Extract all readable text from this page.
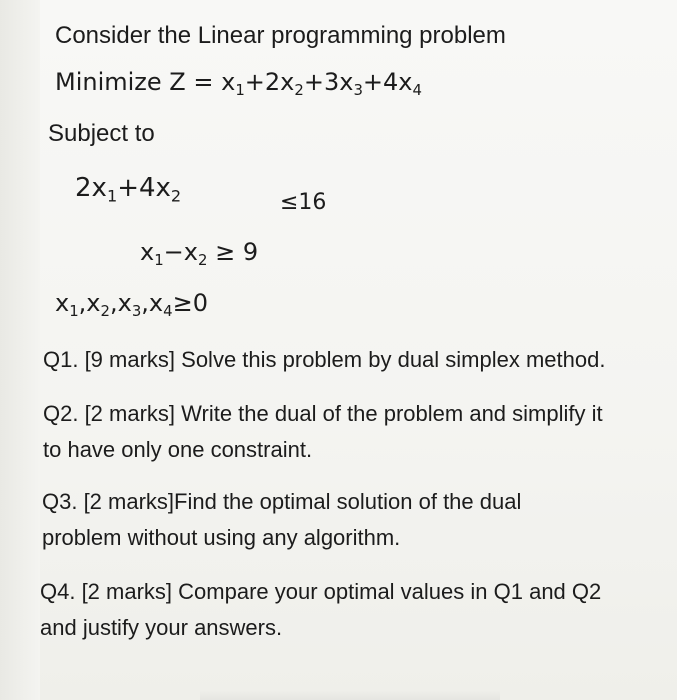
Consider the Linear programming problem
Minimize $Z = x_1+2x_2+3x_3+4x_4$
Subject to
$2x_1+4x_2$	≤16
$x_1-x_2 \ge 9$
$x_1,x_2,x_3,x_4\ge 0$
Q1. [9 marks] Solve this problem by dual simplex method.
Q2. [2 marks] Write the dual of the problem and simplify it
to have only one constraint.
Q3. [2 marks]Find the optimal solution of the dual
problem without using any algorithm.
Q4. [2 marks] Compare your optimal values in Q1 and Q2
and justify your answers.
